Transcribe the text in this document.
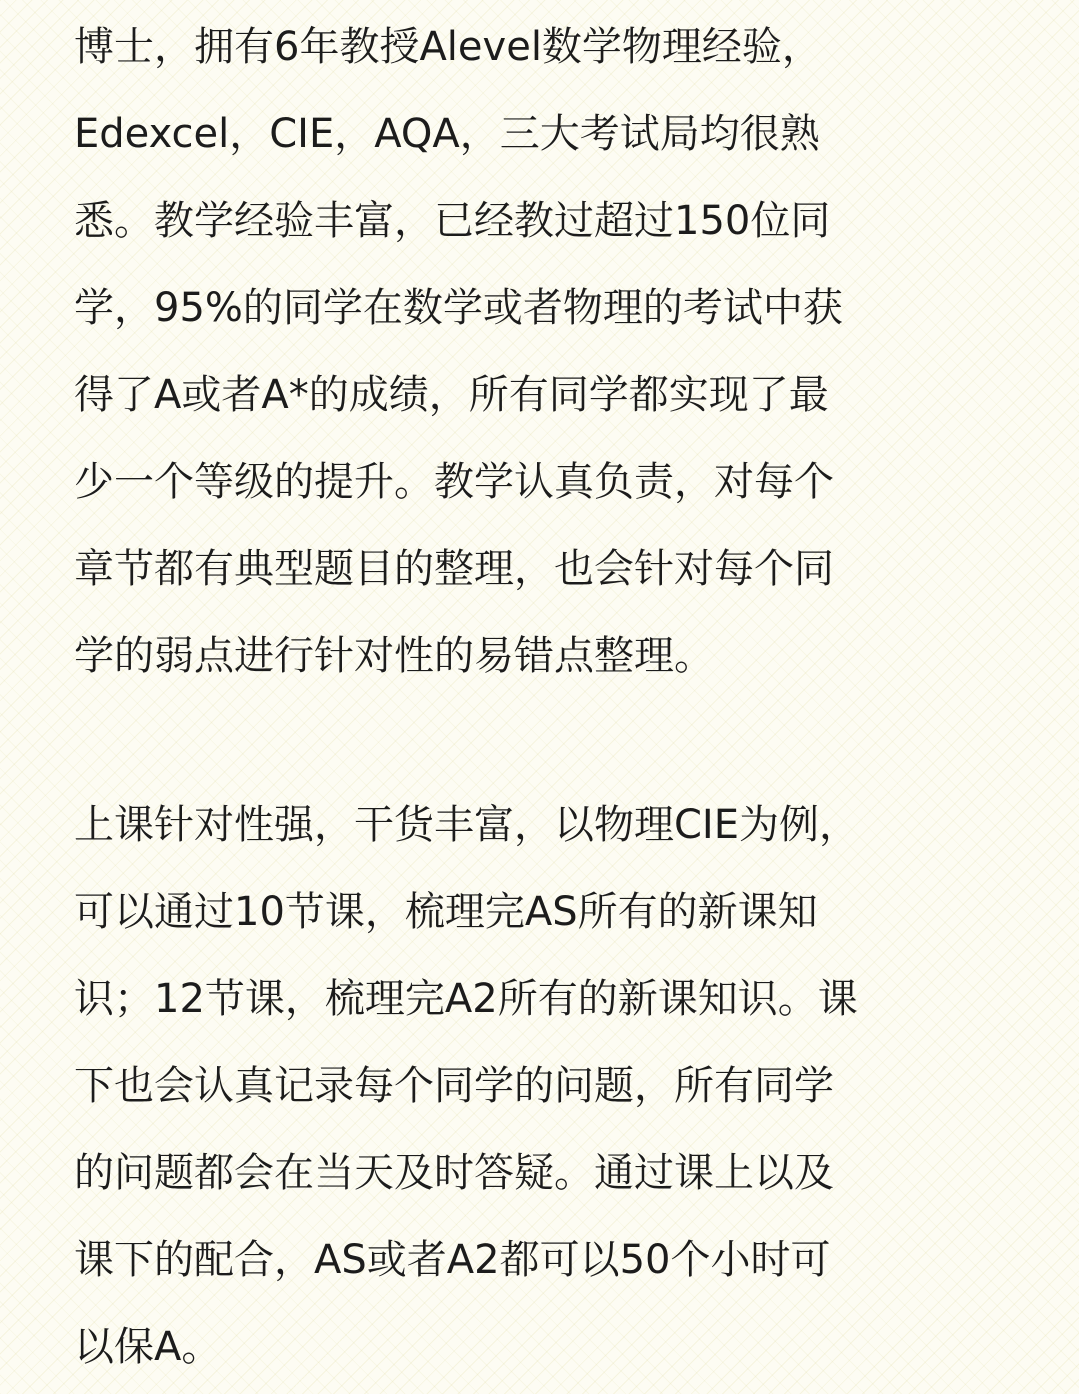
博士，拥有6年教授Alevel数学物理经验，
Edexcel，CIE，AQA，三大考试局均很熟
悉。教学经验丰富，已经教过超过150位同
学，95%的同学在数学或者物理的考试中获
得了A或者A*的成绩，所有同学都实现了最
少一个等级的提升。教学认真负责，对每个
章节都有典型题目的整理，也会针对每个同
学的弱点进行针对性的易错点整理。
上课针对性强，干货丰富，以物理CIE为例，
可以通过10节课，梳理完AS所有的新课知
识；12节课，梳理完A2所有的新课知识。课
下也会认真记录每个同学的问题，所有同学
的问题都会在当天及时答疑。通过课上以及
课下的配合，AS或者A2都可以50个小时可
以保A。
